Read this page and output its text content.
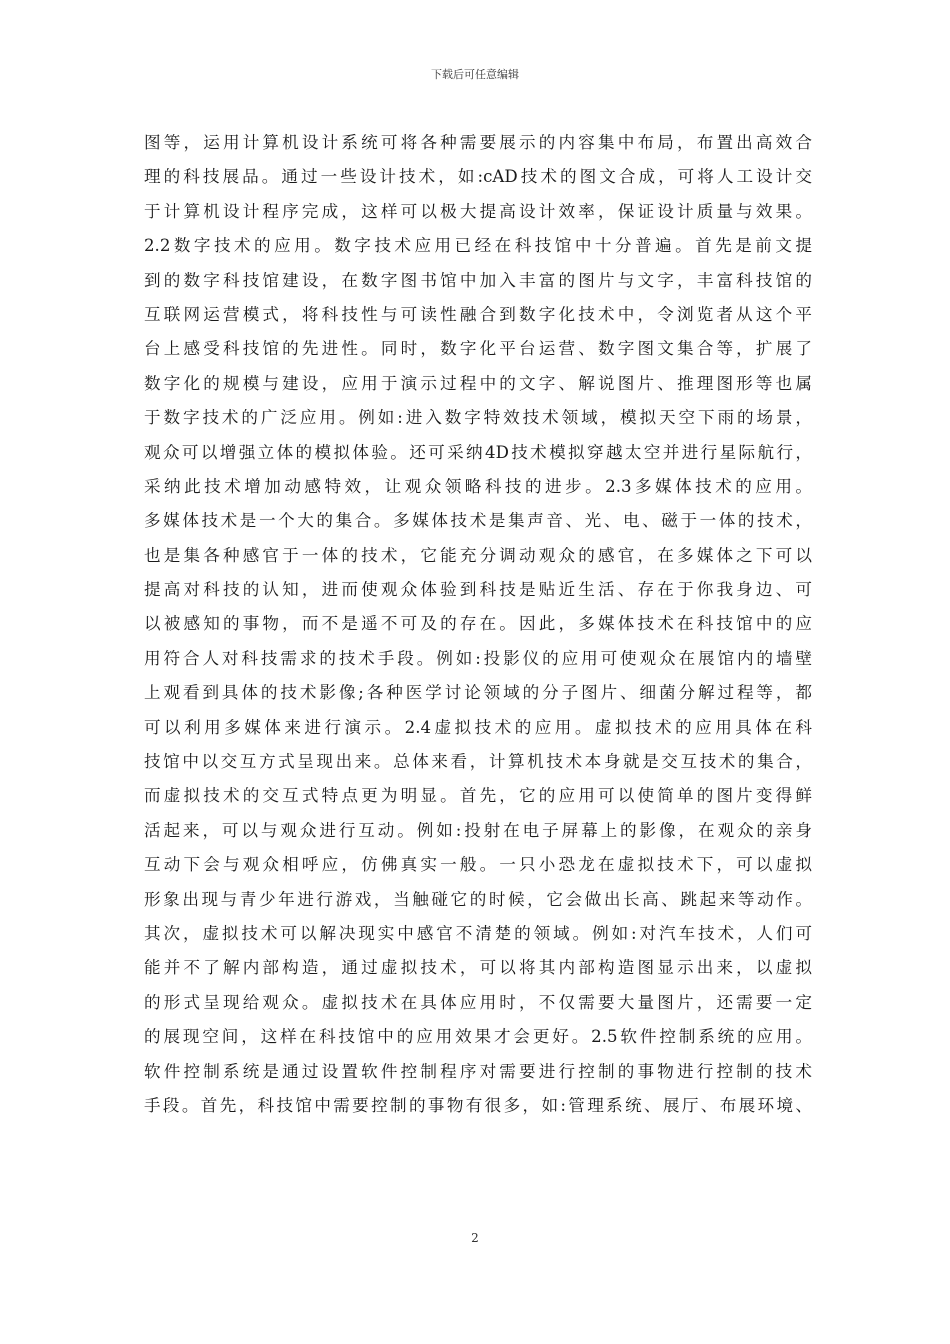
下载后可任意编辑
图等，运用计算机设计系统可将各种需要展示的内容集中布局，布置出高效合
理的科技展品。通过一些设计技术，如:cAD技术的图文合成，可将人工设计交
于计算机设计程序完成，这样可以极大提高设计效率，保证设计质量与效果。
2.2数字技术的应用。数字技术应用已经在科技馆中十分普遍。首先是前文提
到的数字科技馆建设，在数字图书馆中加入丰富的图片与文字，丰富科技馆的
互联网运营模式，将科技性与可读性融合到数字化技术中，令浏览者从这个平
台上感受科技馆的先进性。同时，数字化平台运营、数字图文集合等，扩展了
数字化的规模与建设，应用于演示过程中的文字、解说图片、推理图形等也属
于数字技术的广泛应用。例如:进入数字特效技术领域，模拟天空下雨的场景，
观众可以增强立体的模拟体验。还可采纳4D技术模拟穿越太空并进行星际航行，
采纳此技术增加动感特效，让观众领略科技的进步。2.3多媒体技术的应用。
多媒体技术是一个大的集合。多媒体技术是集声音、光、电、磁于一体的技术，
也是集各种感官于一体的技术，它能充分调动观众的感官，在多媒体之下可以
提高对科技的认知，进而使观众体验到科技是贴近生活、存在于你我身边、可
以被感知的事物，而不是遥不可及的存在。因此，多媒体技术在科技馆中的应
用符合人对科技需求的技术手段。例如:投影仪的应用可使观众在展馆内的墙壁
上观看到具体的技术影像;各种医学讨论领域的分子图片、细菌分解过程等，都
可以利用多媒体来进行演示。2.4虚拟技术的应用。虚拟技术的应用具体在科
技馆中以交互方式呈现出来。总体来看，计算机技术本身就是交互技术的集合，
而虚拟技术的交互式特点更为明显。首先，它的应用可以使简单的图片变得鲜
活起来，可以与观众进行互动。例如:投射在电子屏幕上的影像，在观众的亲身
互动下会与观众相呼应，仿佛真实一般。一只小恐龙在虚拟技术下，可以虚拟
形象出现与青少年进行游戏，当触碰它的时候，它会做出长高、跳起来等动作。
其次，虚拟技术可以解决现实中感官不清楚的领域。例如:对汽车技术，人们可
能并不了解内部构造，通过虚拟技术，可以将其内部构造图显示出来，以虚拟
的形式呈现给观众。虚拟技术在具体应用时，不仅需要大量图片，还需要一定
的展现空间，这样在科技馆中的应用效果才会更好。2.5软件控制系统的应用。
软件控制系统是通过设置软件控制程序对需要进行控制的事物进行控制的技术
手段。首先，科技馆中需要控制的事物有很多，如:管理系统、展厅、布展环境、
2
